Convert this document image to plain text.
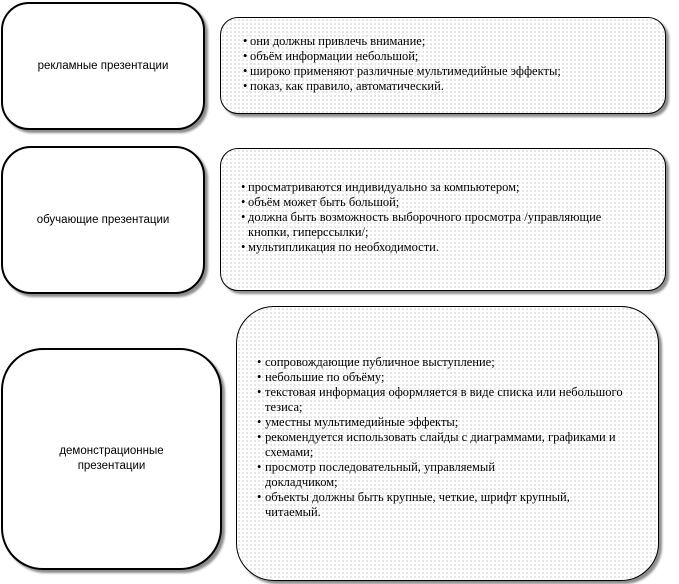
рекламные презентации
• они должны привлечь внимание;
• объём информации небольшой;
• широко применяют различные мультимедийные эффекты;
• показ, как правило, автоматический.
обучающие презентации
• просматриваются индивидуально за компьютером;
• объём может быть большой;
• должна быть возможность выборочного просмотра /управляющие кнопки, гиперссылки/;
• мультипликация по необходимости.
демонстрационные презентации
• сопровождающие публичное выступление;
• небольшие по объёму;
• текстовая информация оформляется в виде списка или небольшого тезиса;
• уместны мультимедийные эффекты;
• рекомендуется использовать слайды с диаграммами, графиками и схемами;
• просмотр последовательный, управляемый докладчиком;
• объекты должны быть крупные, четкие, шрифт крупный, читаемый.
